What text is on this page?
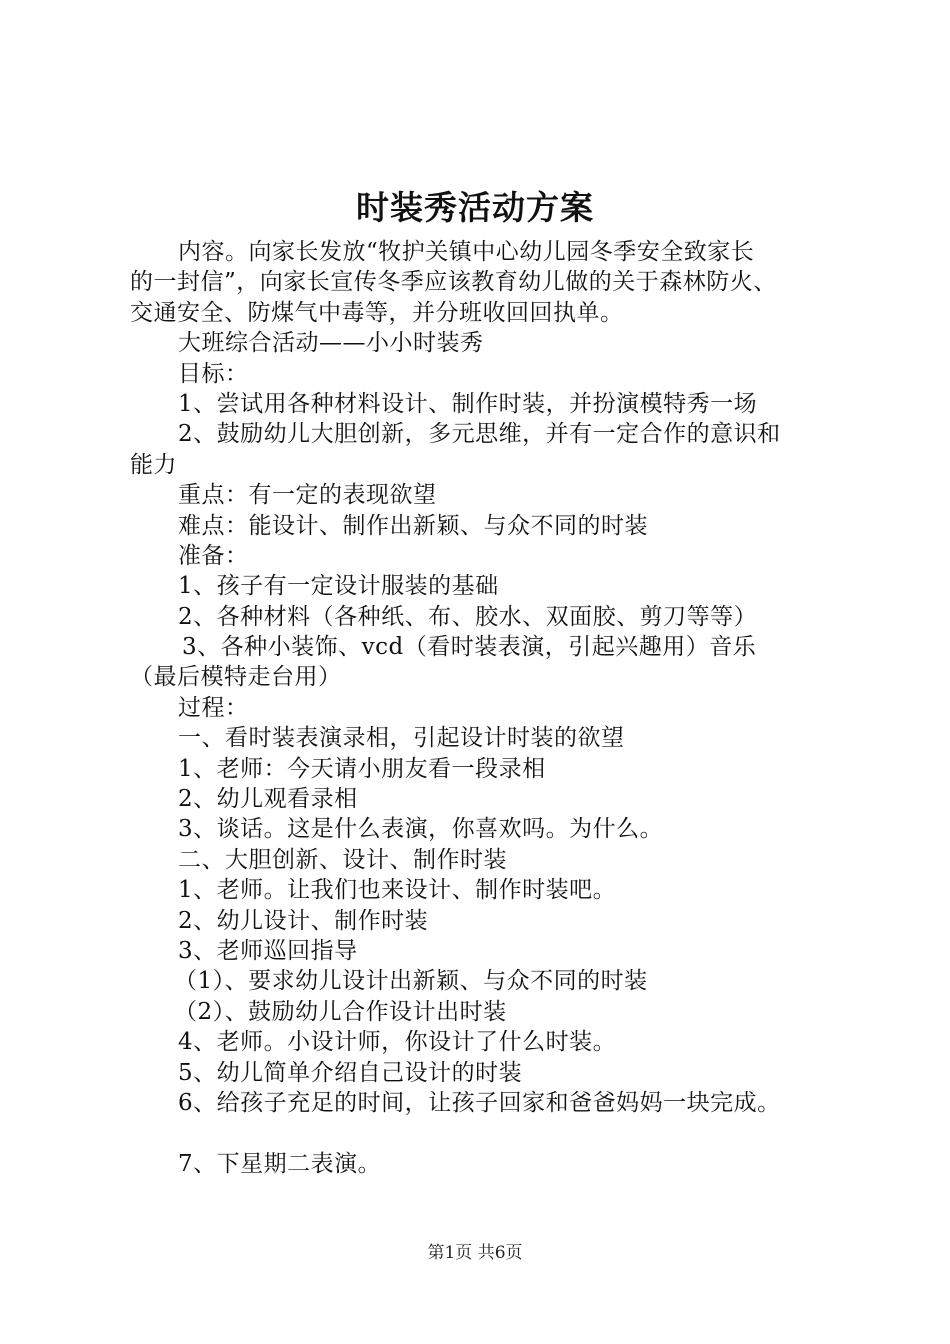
时装秀活动方案
内容。向家长发放“牧护关镇中心幼儿园冬季安全致家长
的一封信”，向家长宣传冬季应该教育幼儿做的关于森林防火、
交通安全、防煤气中毒等，并分班收回回执单。
大班综合活动——小小时装秀
目标：
1、尝试用各种材料设计、制作时装，并扮演模特秀一场
2、鼓励幼儿大胆创新，多元思维，并有一定合作的意识和
能力
重点：有一定的表现欲望
难点：能设计、制作出新颖、与众不同的时装
准备：
1、孩子有一定设计服装的基础
2、各种材料（各种纸、布、胶水、双面胶、剪刀等等）
3、各种小装饰、vcd（看时装表演，引起兴趣用）音乐
（最后模特走台用）
过程：
一、看时装表演录相，引起设计时装的欲望
1、老师：今天请小朋友看一段录相
2、幼儿观看录相
3、谈话。这是什么表演，你喜欢吗。为什么。
二、大胆创新、设计、制作时装
1、老师。让我们也来设计、制作时装吧。
2、幼儿设计、制作时装
3、老师巡回指导
（1）、要求幼儿设计出新颖、与众不同的时装
（2）、鼓励幼儿合作设计出时装
4、老师。小设计师，你设计了什么时装。
5、幼儿简单介绍自己设计的时装
6、给孩子充足的时间，让孩子回家和爸爸妈妈一块完成。
7、下星期二表演。
第1页 共6页
